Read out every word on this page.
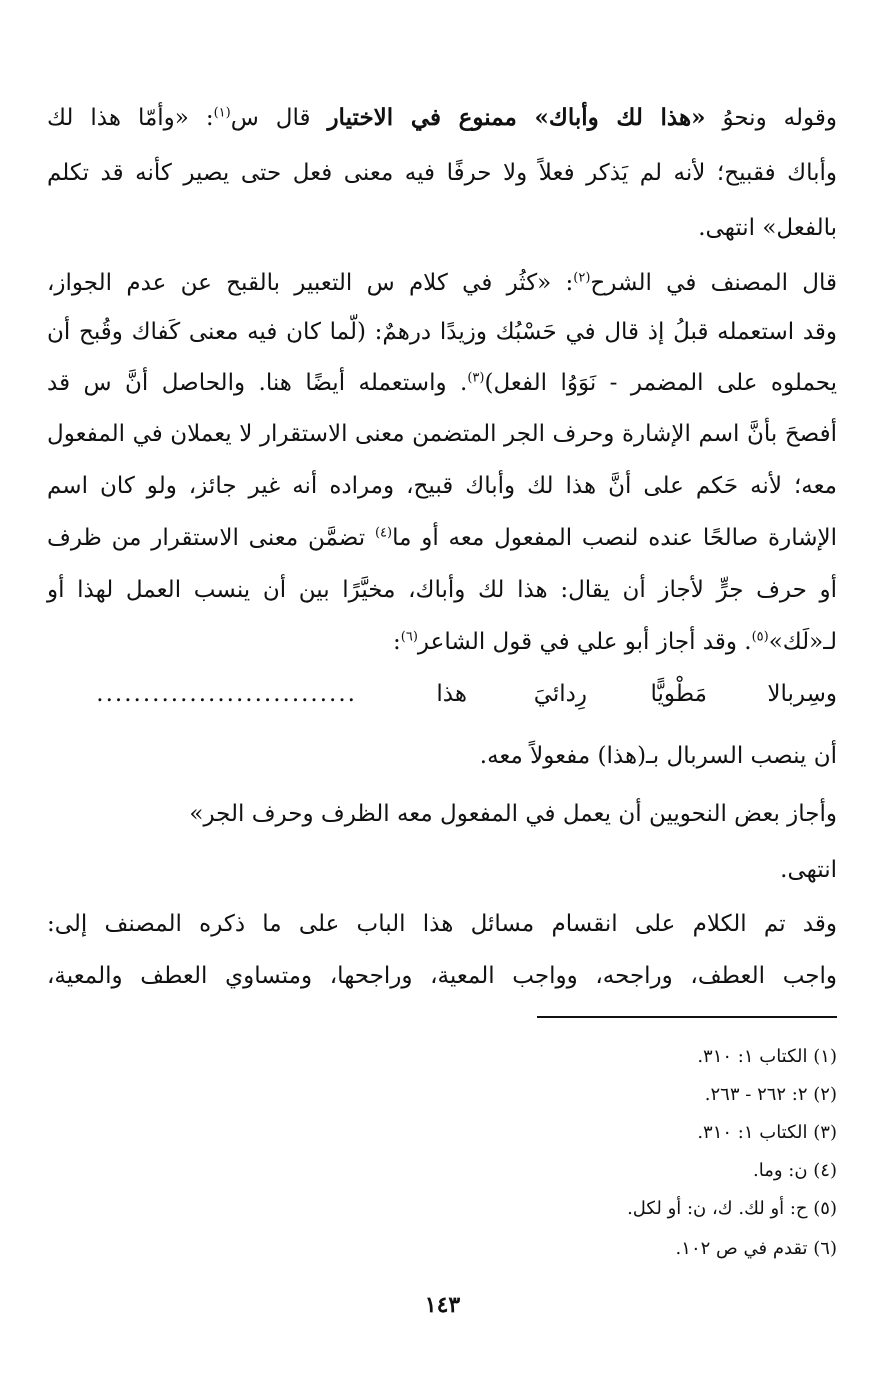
وقوله ونحوُ «هذا لك وأباك» ممنوع في الاختيار قال س$^{(١)}$: «وأمّا هذا لك
وأباك فقبيح؛ لأنه لم يَذكر فعلاً ولا حرفًا فيه معنى فعل حتى يصير كأنه قد تكلم
بالفعل» انتهى.
قال المصنف في الشرح$^{(٢)}$: «كثُر في كلام س التعبير بالقبح عن عدم الجواز،
وقد استعمله قبلُ إذ قال في حَسْبُك وزيدًا درهمٌ: (لّما كان فيه معنى كَفاك وقُبح أن
يحملوه على المضمر - نَوَوُا الفعل)$^{(٣)}$. واستعمله أيضًا هنا. والحاصل أنَّ س قد
أفصحَ بأنَّ اسم الإشارة وحرف الجر المتضمن معنى الاستقرار لا يعملان في المفعول
معه؛ لأنه حَكم على أنَّ هذا لك وأباك قبيح، ومراده أنه غير جائز، ولو كان اسم
الإشارة صالحًا عنده لنصب المفعول معه أو ما$^{(٤)}$ تضمَّن معنى الاستقرار من ظرف
أو حرف جرٍّ لأجاز أن يقال: هذا لك وأباك، مخيَّرًا بين أن ينسب العمل لهذا أو
لـ«لَك»$^{(٥)}$. وقد أجاز أبو علي في قول الشاعر$^{(٦)}$:
وسِربالا
مَطْويًّا
رِدائيَ
هذا
............................
أن ينصب السربال بـ(هذا) مفعولاً معه.
وأجاز بعض النحويين أن يعمل في المفعول معه الظرف وحرف الجر»
انتهى.
وقد تم الكلام على انقسام مسائل هذا الباب على ما ذكره المصنف إلى:
واجب العطف، وراجحه، وواجب المعية، وراجحها، ومتساوي العطف والمعية،
(١) الكتاب ١: ٣١٠.
(٢) ٢: ٢٦٢ - ٢٦٣.
(٣) الكتاب ١: ٣١٠.
(٤) ن: وما.
(٥) ح: أو لك. ك، ن: أو لكل.
(٦) تقدم في ص ١٠٢.
١٤٣
